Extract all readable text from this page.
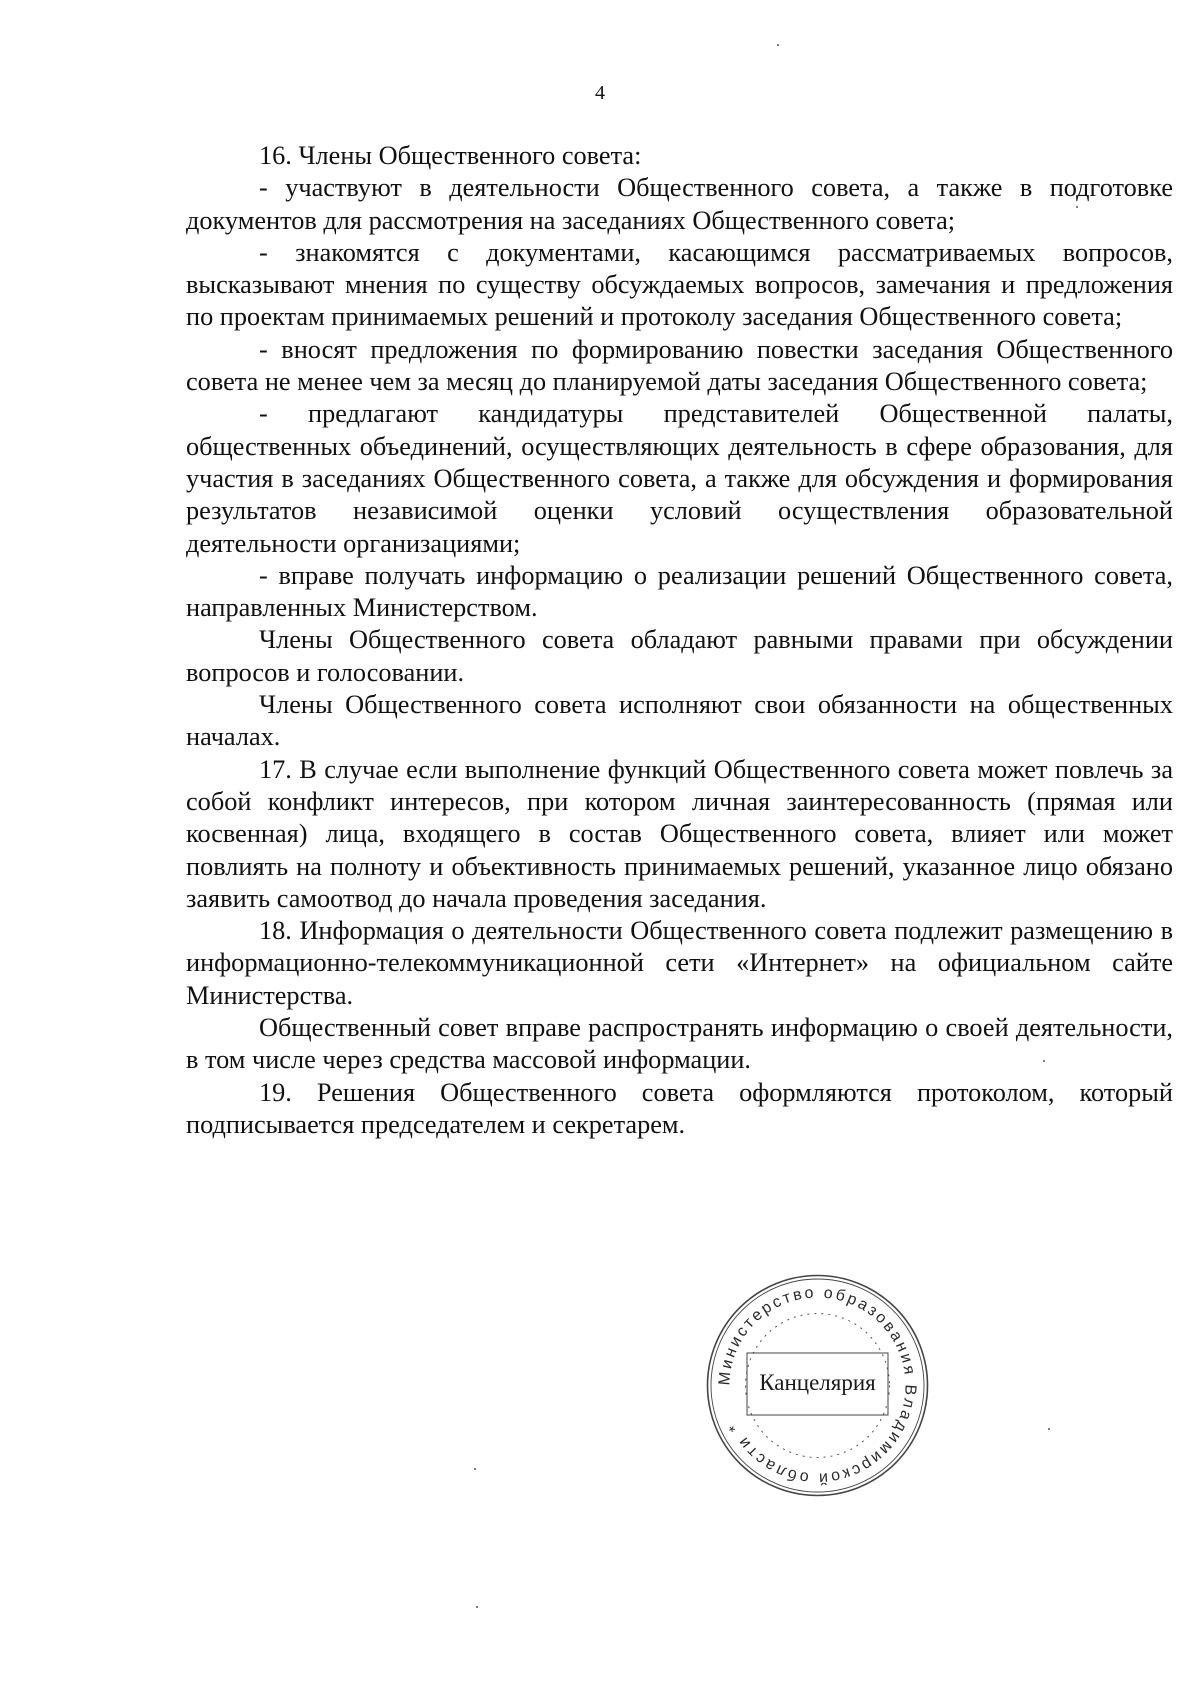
4

16. Члены Общественного совета:

- участвуют в деятельности Общественного совета, а также в подготовке документов для рассмотрения на заседаниях Общественного совета;

- знакомятся с документами, касающимся рассматриваемых вопросов, высказывают мнения по существу обсуждаемых вопросов, замечания и предложения по проектам принимаемых решений и протоколу заседания Общественного совета;

- вносят предложения по формированию повестки заседания Общественного совета не менее чем за месяц до планируемой даты заседания Общественного совета;

- предлагают кандидатуры представителей Общественной палаты, общественных объединений, осуществляющих деятельность в сфере образования, для участия в заседаниях Общественного совета, а также для обсуждения и формирования результатов независимой оценки условий осуществления образовательной деятельности организациями;

- вправе получать информацию о реализации решений Общественного совета, направленных Министерством.

Члены Общественного совета обладают равными правами при обсуждении вопросов и голосовании.

Члены Общественного совета исполняют свои обязанности на общественных началах.

17. В случае если выполнение функций Общественного совета может повлечь за собой конфликт интересов, при котором личная заинтересованность (прямая или косвенная) лица, входящего в состав Общественного совета, влияет или может повлиять на полноту и объективность принимаемых решений, указанное лицо обязано заявить самоотвод до начала проведения заседания.

18. Информация о деятельности Общественного совета подлежит размещению в информационно-телекоммуникационной сети «Интернет» на официальном сайте Министерства.

Общественный совет вправе распространять информацию о своей деятельности, в том числе через средства массовой информации.

19. Решения Общественного совета оформляются протоколом, который подписывается председателем и секретарем.

Министерство образования Владимирской области *
Канцелярия
